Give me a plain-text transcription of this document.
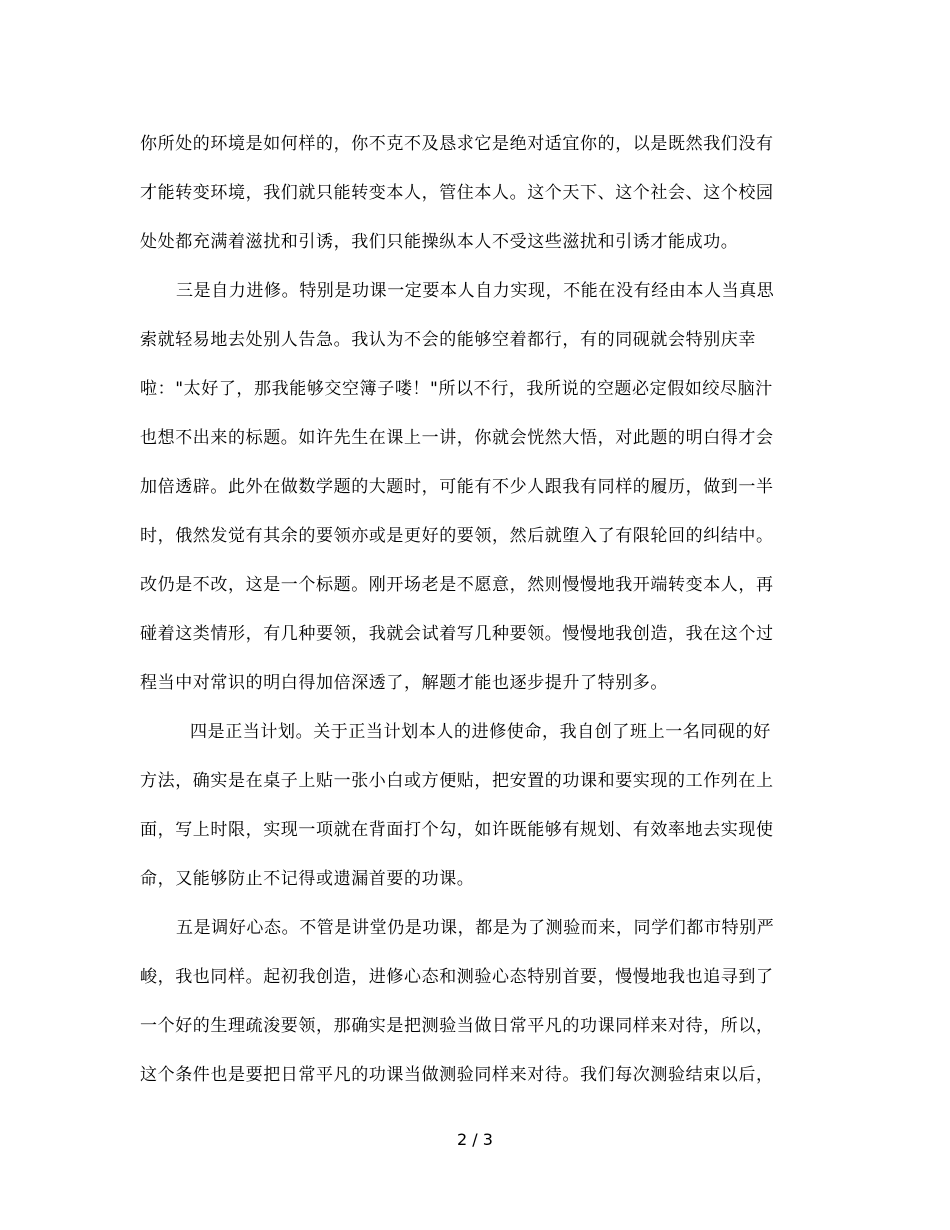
你所处的环境是如何样的，你不克不及恳求它是绝对适宜你的，以是既然我们没有
才能转变环境，我们就只能转变本人，管住本人。这个天下、这个社会、这个校园
处处都充满着滋扰和引诱，我们只能操纵本人不受这些滋扰和引诱才能成功。
三是自力进修。特别是功课一定要本人自力实现，不能在没有经由本人当真思
索就轻易地去处别人告急。我认为不会的能够空着都行，有的同砚就会特别庆幸
啦："太好了，那我能够交空簿子喽！"所以不行，我所说的空题必定假如绞尽脑汁
也想不出来的标题。如许先生在课上一讲，你就会恍然大悟，对此题的明白得才会
加倍透辟。此外在做数学题的大题时，可能有不少人跟我有同样的履历，做到一半
时，俄然发觉有其余的要领亦或是更好的要领，然后就堕入了有限轮回的纠结中。
改仍是不改，这是一个标题。刚开场老是不愿意，然则慢慢地我开端转变本人，再
碰着这类情形，有几种要领，我就会试着写几种要领。慢慢地我创造，我在这个过
程当中对常识的明白得加倍深透了，解题才能也逐步提升了特别多。
四是正当计划。关于正当计划本人的进修使命，我自创了班上一名同砚的好
方法，确实是在桌子上贴一张小白或方便贴，把安置的功课和要实现的工作列在上
面，写上时限，实现一项就在背面打个勾，如许既能够有规划、有效率地去实现使
命，又能够防止不记得或遗漏首要的功课。
五是调好心态。不管是讲堂仍是功课，都是为了测验而来，同学们都市特别严
峻，我也同样。起初我创造，进修心态和测验心态特别首要，慢慢地我也追寻到了
一个好的生理疏浚要领，那确实是把测验当做日常平凡的功课同样来对待，所以，
这个条件也是要把日常平凡的功课当做测验同样来对待。我们每次测验结束以后，
2 / 3
